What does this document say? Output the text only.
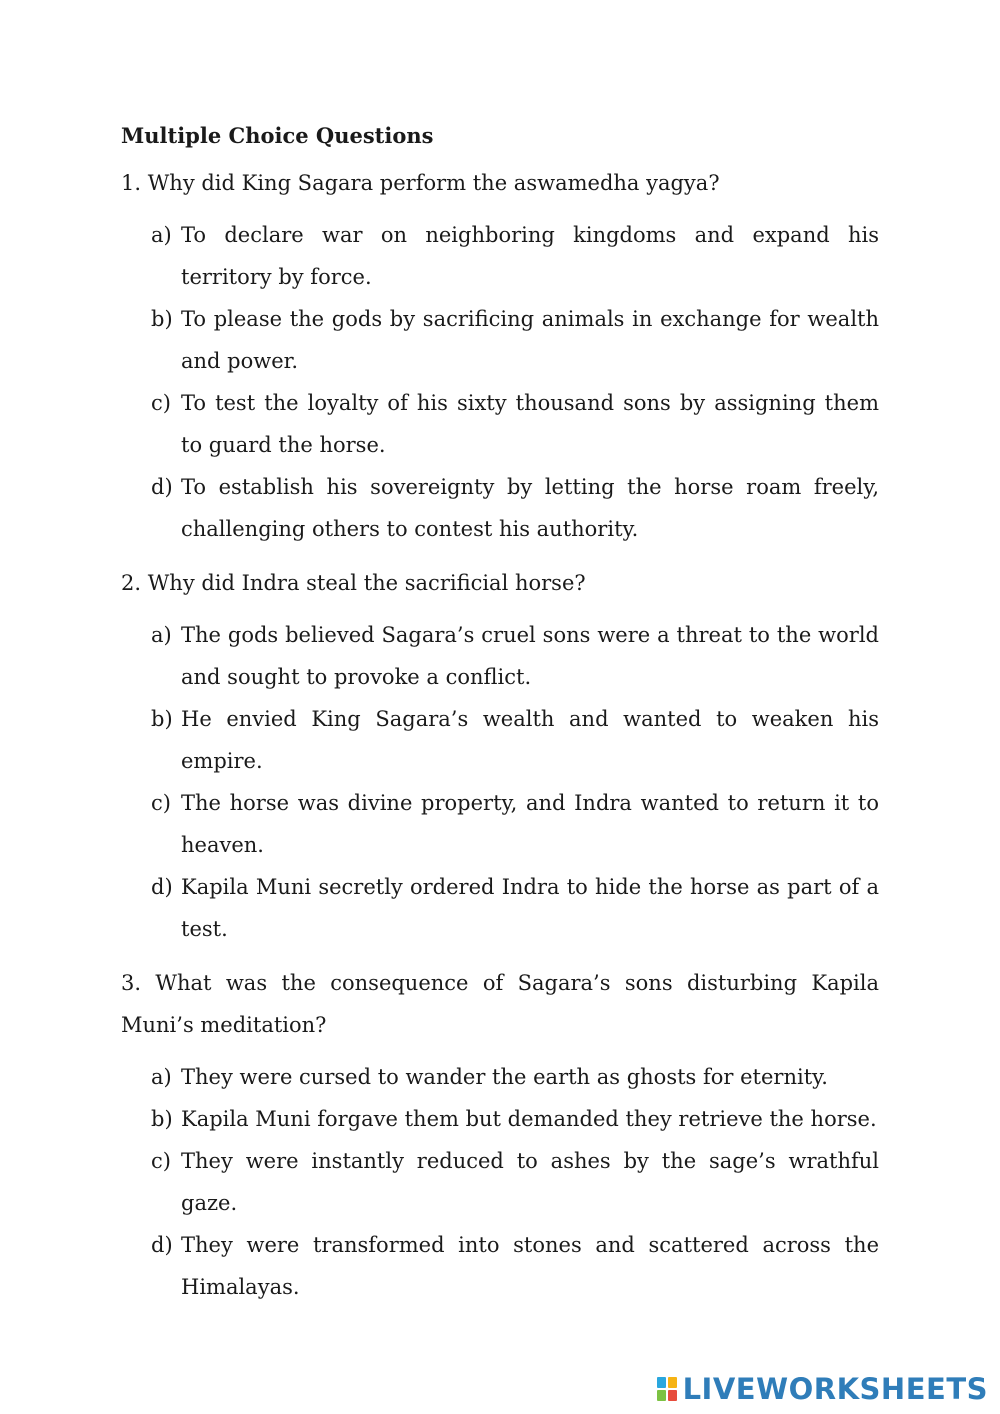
Multiple Choice Questions

1. Why did King Sagara perform the aswamedha yagya?

a) To declare war on neighboring kingdoms and expand his territory by force.
b) To please the gods by sacrificing animals in exchange for wealth and power.
c) To test the loyalty of his sixty thousand sons by assigning them to guard the horse.
d) To establish his sovereignty by letting the horse roam freely, challenging others to contest his authority.

2. Why did Indra steal the sacrificial horse?

a) The gods believed Sagara’s cruel sons were a threat to the world and sought to provoke a conflict.
b) He envied King Sagara’s wealth and wanted to weaken his empire.
c) The horse was divine property, and Indra wanted to return it to heaven.
d) Kapila Muni secretly ordered Indra to hide the horse as part of a test.

3. What was the consequence of Sagara’s sons disturbing Kapila Muni’s meditation?

a) They were cursed to wander the earth as ghosts for eternity.
b) Kapila Muni forgave them but demanded they retrieve the horse.
c) They were instantly reduced to ashes by the sage’s wrathful gaze.
d) They were transformed into stones and scattered across the Himalayas.
LIVEWORKSHEETS
